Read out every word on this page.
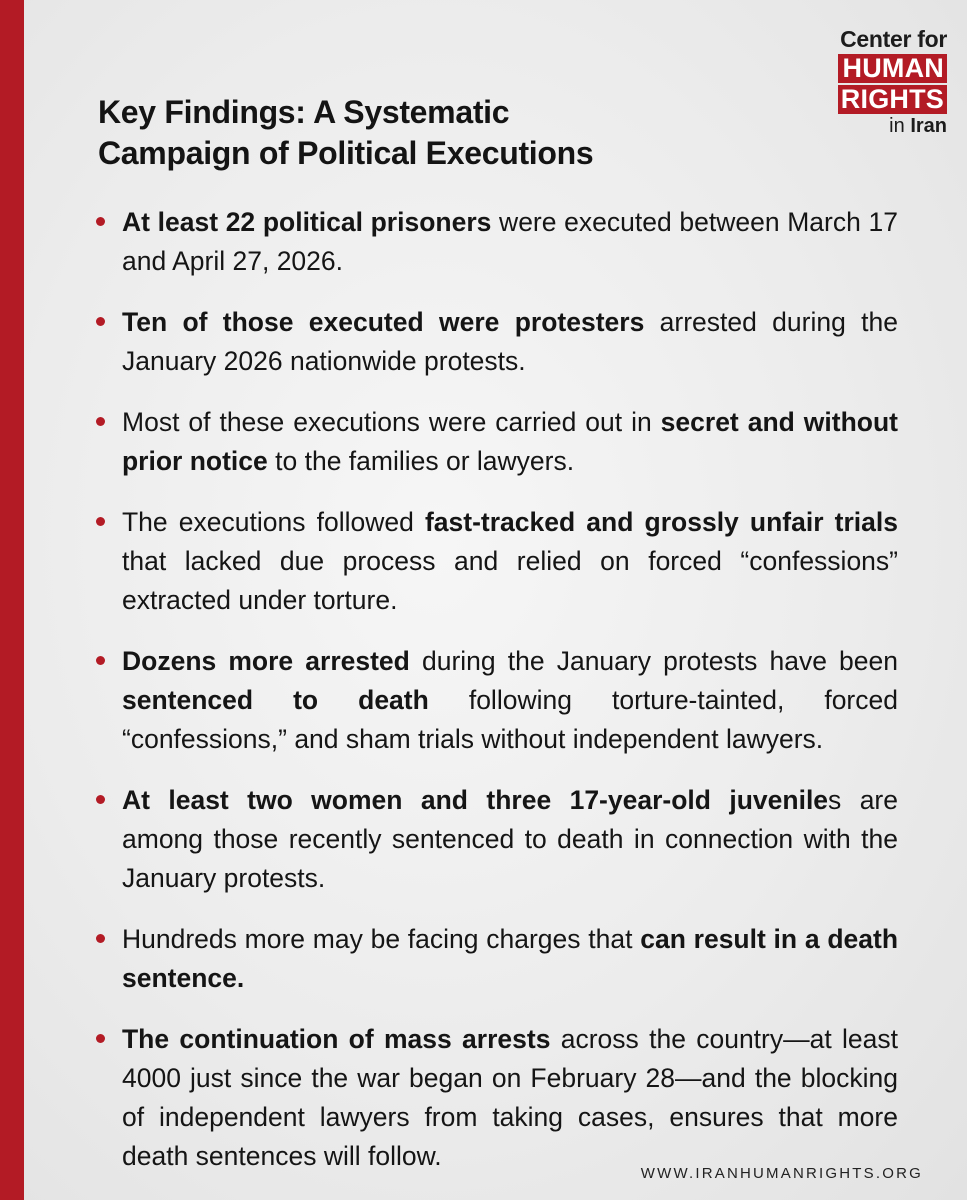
Center for
HUMAN
RIGHTS
in Iran
Key Findings: A Systematic
Campaign of Political Executions
At least 22 political prisoners were executed between March 17 and April 27, 2026.
Ten of those executed were protesters arrested during the January 2026 nationwide protests.
Most of these executions were carried out in secret and without prior notice to the families or lawyers.
The executions followed fast-tracked and grossly unfair trials that lacked due process and relied on forced “confessions” extracted under torture.
Dozens more arrested during the January protests have been sentenced to death following torture-tainted, forced “confessions,” and sham trials without independent lawyers.
At least two women and three 17-year-old juveniles are among those recently sentenced to death in connection with the January protests.
Hundreds more may be facing charges that can result in a death sentence.
The continuation of mass arrests across the country—at least 4000 just since the war began on February 28—and the blocking of independent lawyers from taking cases, ensures that more death sentences will follow.
WWW.IRANHUMANRIGHTS.ORG
